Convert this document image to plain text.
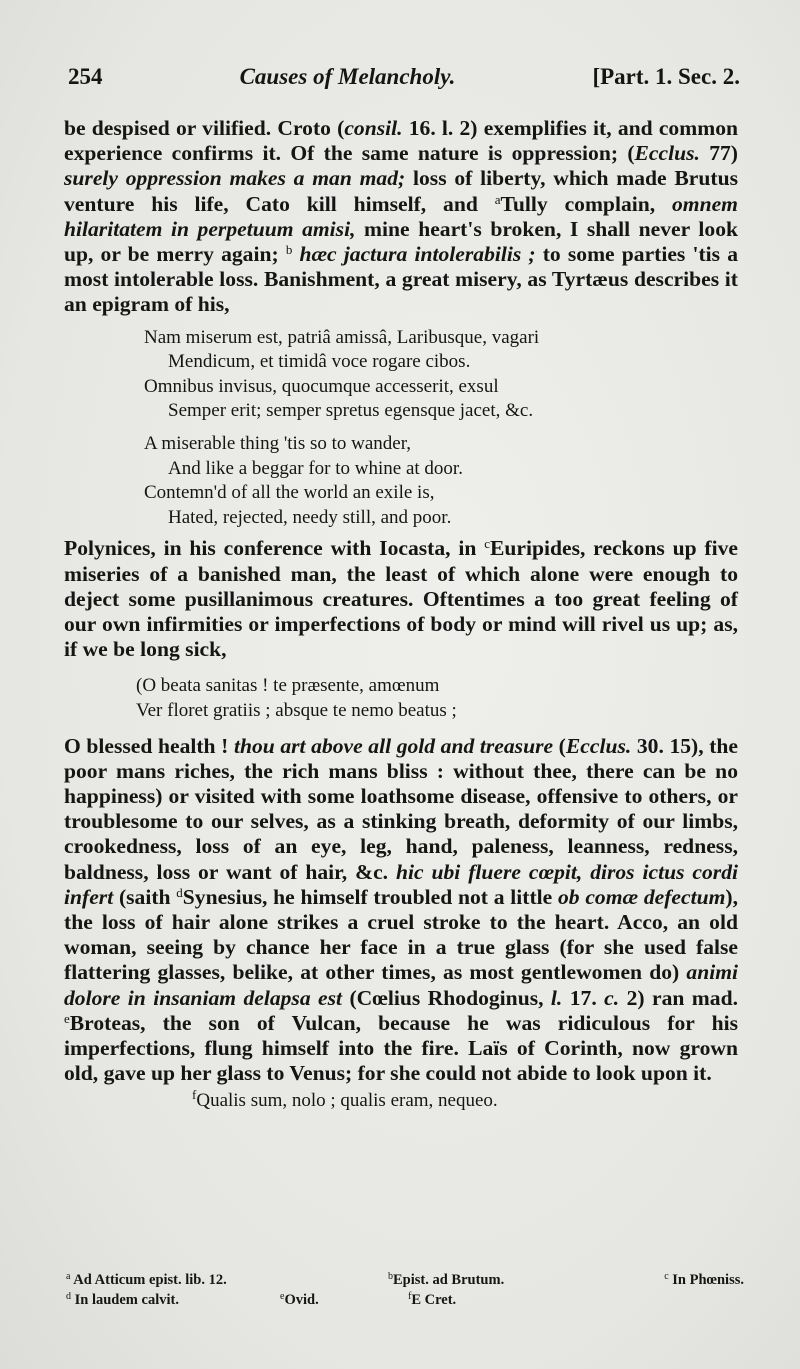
254	Causes of Melancholy.	[Part. 1. Sec. 2.

be despised or vilified. Croto (consil. 16. l. 2) exemplifies it, and common experience confirms it. Of the same nature is oppression; (Ecclus. 77) surely oppression makes a man mad; loss of liberty, which made Brutus venture his life, Cato kill himself, and $^a$Tully complain, omnem hilaritatem in perpetuum amisi, mine heart's broken, I shall never look up, or be merry again; $^b$ hæc jactura intolerabilis ; to some parties 'tis a most intolerable loss. Banishment, a great misery, as Tyrtæus describes it an epigram of his,

Nam miserum est, patriâ amissâ, Laribusque, vagari
Mendicum, et timidâ voce rogare cibos.
Omnibus invisus, quocumque accesserit, exsul
Semper erit; semper spretus egensque jacet, &c.
A miserable thing 'tis so to wander,
And like a beggar for to whine at door.
Contemn'd of all the world an exile is,
Hated, rejected, needy still, and poor.

Polynices, in his conference with Iocasta, in $^c$Euripides, reckons up five miseries of a banished man, the least of which alone were enough to deject some pusillanimous creatures. Oftentimes a too great feeling of our own infirmities or imperfections of body or mind will rivel us up; as, if we be long sick,

(O beata sanitas ! te præsente, amœnum
Ver floret gratiis ; absque te nemo beatus ;

O blessed health ! thou art above all gold and treasure (Ecclus. 30. 15), the poor mans riches, the rich mans bliss : without thee, there can be no happiness) or visited with some loathsome disease, offensive to others, or troublesome to our selves, as a stinking breath, deformity of our limbs, crookedness, loss of an eye, leg, hand, paleness, leanness, redness, baldness, loss or want of hair, &c. hic ubi fluere cœpit, diros ictus cordi infert (saith $^d$Synesius, he himself troubled not a little ob comæ defectum), the loss of hair alone strikes a cruel stroke to the heart. Acco, an old woman, seeing by chance her face in a true glass (for she used false flattering glasses, belike, at other times, as most gentlewomen do) animi dolore in insaniam delapsa est (Cœlius Rhodoginus, l. 17. c. 2) ran mad. $^e$Broteas, the son of Vulcan, because he was ridiculous for his imperfections, flung himself into the fire. Laïs of Corinth, now grown old, gave up her glass to Venus; for she could not abide to look upon it.

$^f$Qualis sum, nolo ; qualis eram, nequeo.
$^a$ Ad Atticum epist. lib. 12.	$^b$Epist. ad Brutum.	$^c$ In Phœniss.
$^d$ In laudem calvit.	$^e$Ovid.	$^f$E Cret.
